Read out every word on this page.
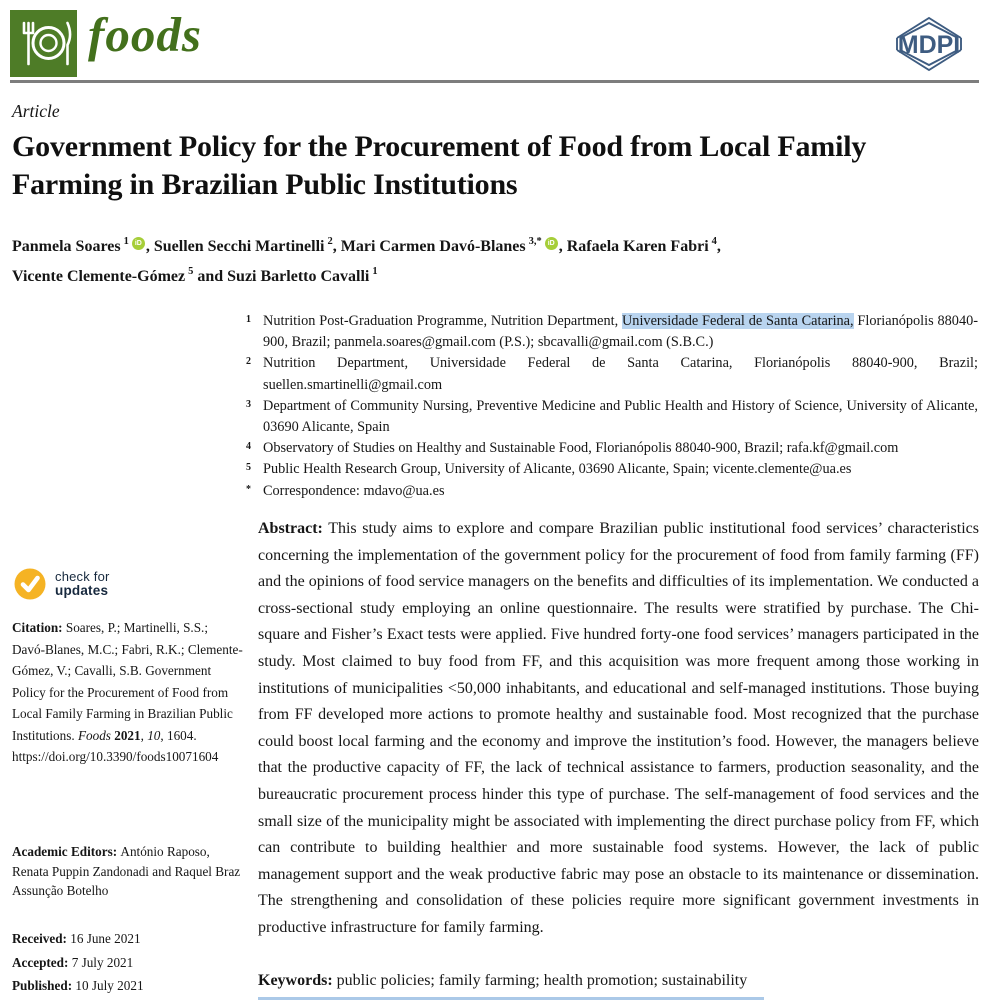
foods	MDPI
Article
Government Policy for the Procurement of Food from Local Family Farming in Brazilian Public Institutions
Panmela Soares $^1$ iD , Suellen Secchi Martinelli $^2$, Mari Carmen Davó-Blanes $^{3,*}$ iD , Rafaela Karen Fabri $^4$,
Vicente Clemente-Gómez $^5$ and Suzi Barletto Cavalli $^1$
1 Nutrition Post-Graduation Programme, Nutrition Department, Universidade Federal de Santa Catarina, Florianópolis 88040-900, Brazil; panmela.soares@gmail.com (P.S.); sbcavalli@gmail.com (S.B.C.)
2 Nutrition Department, Universidade Federal de Santa Catarina, Florianópolis 88040-900, Brazil; suellen.smartinelli@gmail.com
3 Department of Community Nursing, Preventive Medicine and Public Health and History of Science, University of Alicante, 03690 Alicante, Spain
4 Observatory of Studies on Healthy and Sustainable Food, Florianópolis 88040-900, Brazil; rafa.kf@gmail.com
5 Public Health Research Group, University of Alicante, 03690 Alicante, Spain; vicente.clemente@ua.es
* Correspondence: mdavo@ua.es
check for
updates
Citation: Soares, P.; Martinelli, S.S.; Davó-Blanes, M.C.; Fabri, R.K.; Clemente-Gómez, V.; Cavalli, S.B. Government Policy for the Procurement of Food from Local Family Farming in Brazilian Public Institutions. Foods 2021, 10, 1604. https://doi.org/10.3390/foods10071604
Academic Editors: António Raposo, Renata Puppin Zandonadi and Raquel Braz Assunção Botelho
Received: 16 June 2021
Accepted: 7 July 2021
Published: 10 July 2021
Abstract: This study aims to explore and compare Brazilian public institutional food services’ characteristics concerning the implementation of the government policy for the procurement of food from family farming (FF) and the opinions of food service managers on the benefits and difficulties of its implementation. We conducted a cross-sectional study employing an online questionnaire. The results were stratified by purchase. The Chi-square and Fisher’s Exact tests were applied. Five hundred forty-one food services’ managers participated in the study. Most claimed to buy food from FF, and this acquisition was more frequent among those working in institutions of municipalities <50,000 inhabitants, and educational and self-managed institutions. Those buying from FF developed more actions to promote healthy and sustainable food. Most recognized that the purchase could boost local farming and the economy and improve the institution’s food. However, the managers believe that the productive capacity of FF, the lack of technical assistance to farmers, production seasonality, and the bureaucratic procurement process hinder this type of purchase. The self-management of food services and the small size of the municipality might be associated with implementing the direct purchase policy from FF, which can contribute to building healthier and more sustainable food systems. However, the lack of public management support and the weak productive fabric may pose an obstacle to its maintenance or dissemination. The strengthening and consolidation of these policies require more significant government investments in productive infrastructure for family farming.
Keywords: public policies; family farming; health promotion; sustainability
